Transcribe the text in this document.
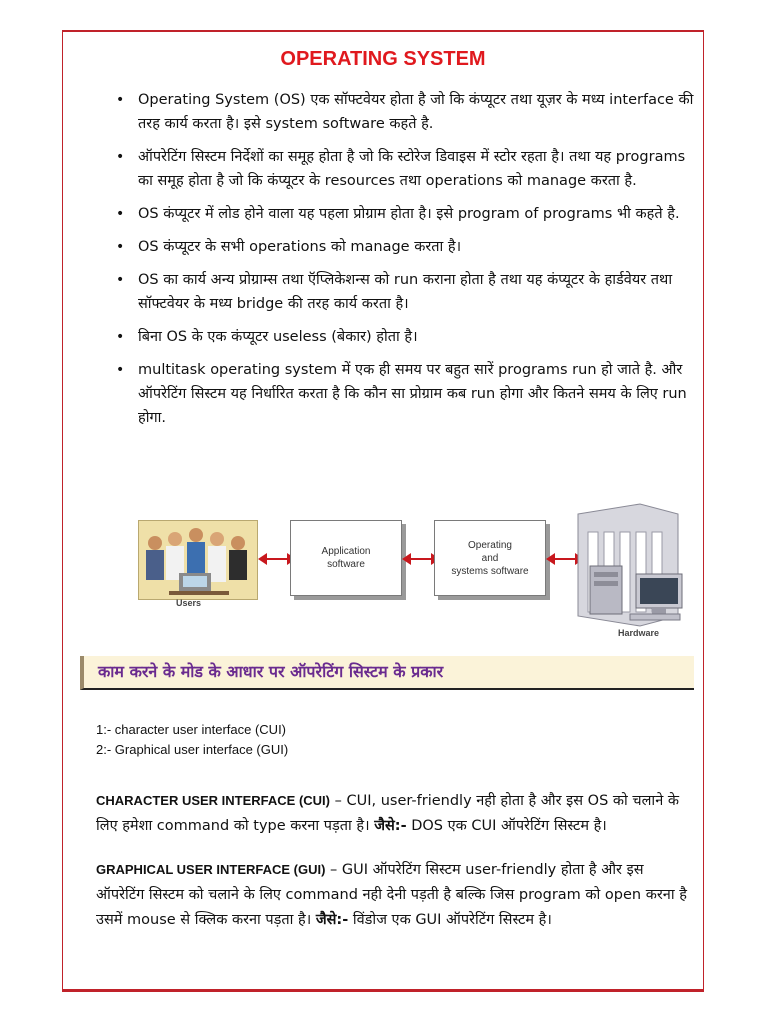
OPERATING SYSTEM
• Operating System (OS) एक सॉफ्टवेयर होता है जो कि कंप्यूटर तथा यूज़र के मध्य interface की तरह कार्य करता है। इसे system software कहते है.
• ऑपरेटिंग सिस्टम निर्देशों का समूह होता है जो कि स्टोरेज डिवाइस में स्टोर रहता है। तथा यह programs का समूह होता है जो कि कंप्यूटर के resources तथा operations को manage करता है.
• OS कंप्यूटर में लोड होने वाला यह पहला प्रोग्राम होता है। इसे program of programs भी कहते है.
• OS कंप्यूटर के सभी operations को manage करता है।
• OS का कार्य अन्य प्रोग्राम्स तथा ऍप्लिकेशन्स को run कराना होता है तथा यह कंप्यूटर के हार्डवेयर तथा सॉफ्टवेयर के मध्य bridge की तरह कार्य करता है।
• बिना OS के एक कंप्यूटर useless (बेकार) होता है।
• multitask operating system में एक ही समय पर बहुत सारें programs run हो जाते है. और ऑपरेटिंग सिस्टम यह निर्धारित करता है कि कौन सा प्रोग्राम कब run होगा और कितने समय के लिए run होगा.
Users
Application software
Operating
and
systems software
Hardware
काम करने के मोड के आधार पर ऑपरेटिंग सिस्टम के प्रकार
1:- character user interface (CUI)
2:- Graphical user interface (GUI)
CHARACTER USER INTERFACE (CUI) – CUI, user-friendly नही होता है और इस OS को चलाने के लिए हमेशा command को type करना पड़ता है। जैसे:- DOS एक CUI ऑपरेटिंग सिस्टम है।
GRAPHICAL USER INTERFACE (GUI) – GUI ऑपरेटिंग सिस्टम user-friendly होता है और इस ऑपरेटिंग सिस्टम को चलाने के लिए command नही देनी पड़ती है बल्कि जिस program को open करना है उसमें mouse से क्लिक करना पड़ता है। जैसे:- विंडोज एक GUI ऑपरेटिंग सिस्टम है।
